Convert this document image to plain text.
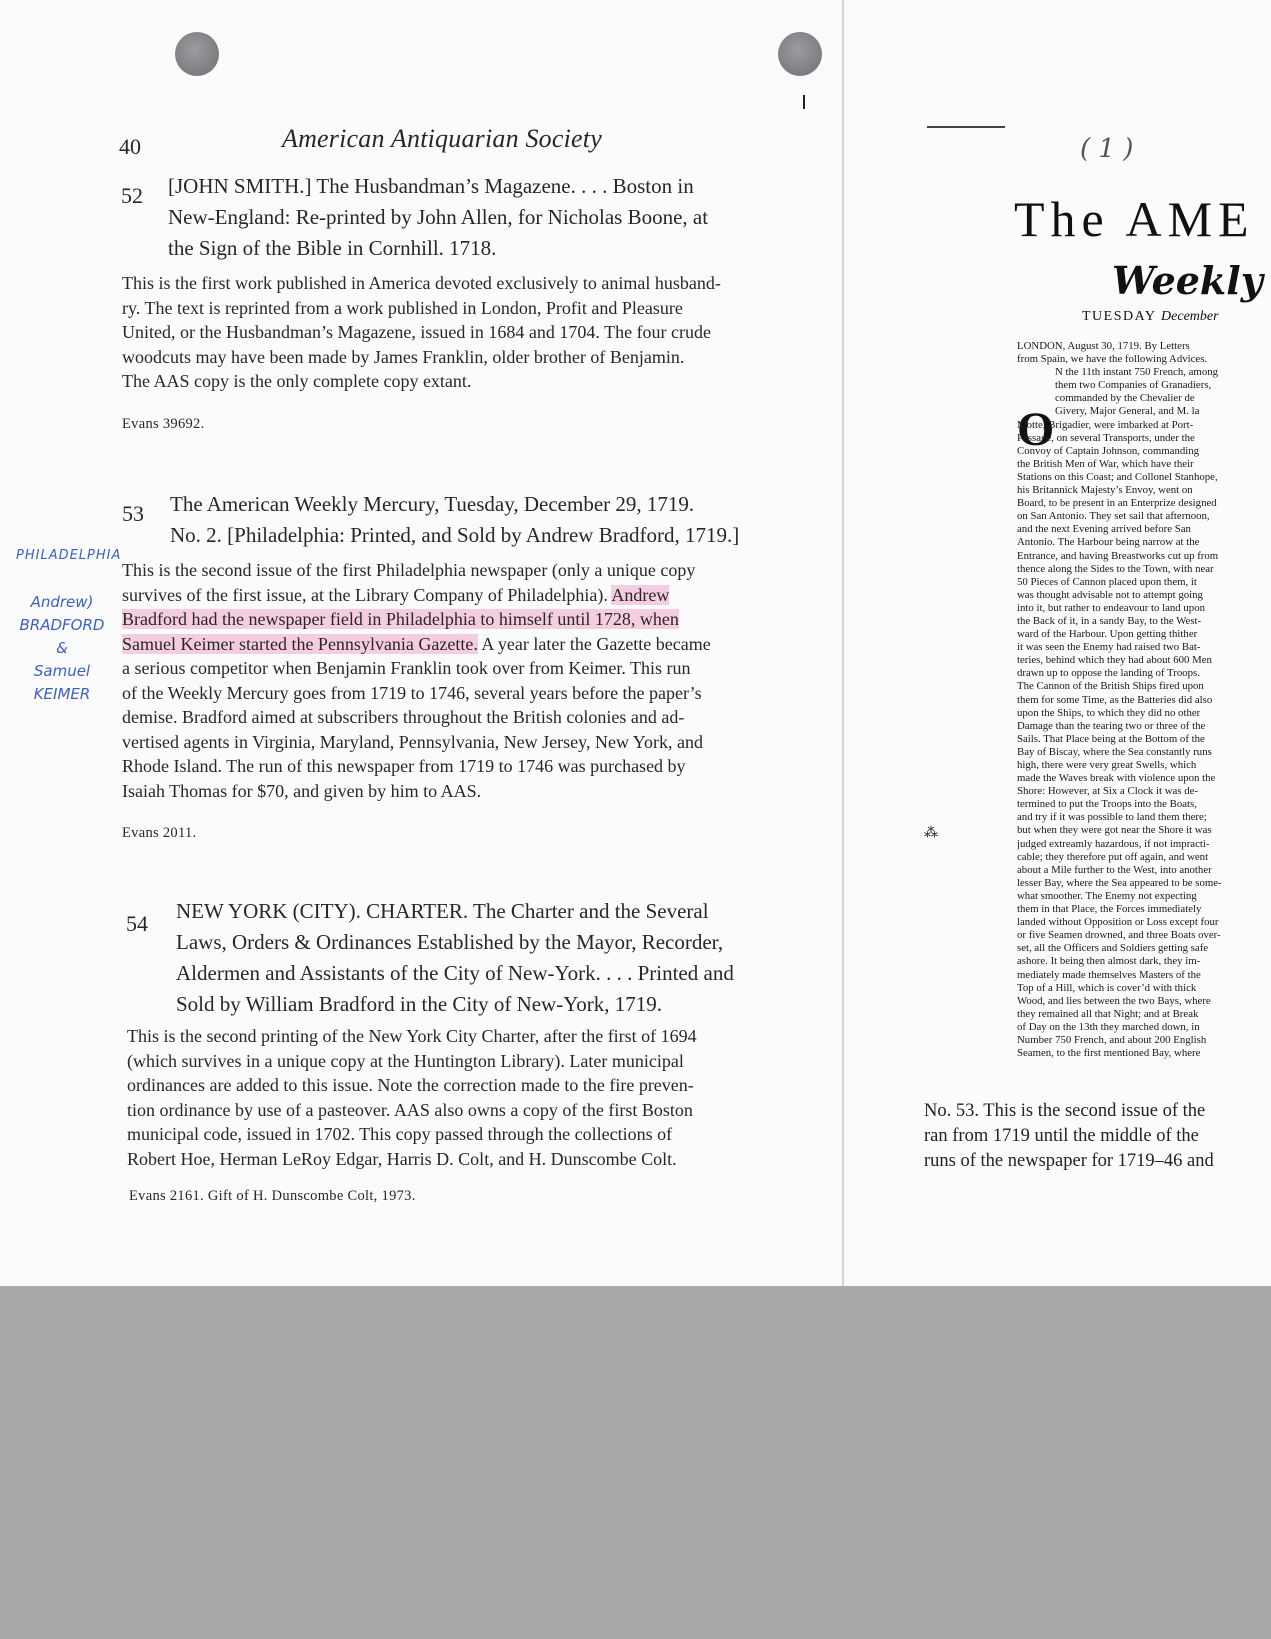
40	American Antiquarian Society
52 [JOHN SMITH.] The Husbandman’s Magazene. . . . Boston in
New-England: Re-printed by John Allen, for Nicholas Boone, at
the Sign of the Bible in Cornhill. 1718.
This is the first work published in America devoted exclusively to animal husband-
ry. The text is reprinted from a work published in London, Profit and Pleasure
United, or the Husbandman’s Magazene, issued in 1684 and 1704. The four crude
woodcuts may have been made by James Franklin, older brother of Benjamin.
The AAS copy is the only complete copy extant.
Evans 39692.
53 The American Weekly Mercury, Tuesday, December 29, 1719.
No. 2. [Philadelphia: Printed, and Sold by Andrew Bradford, 1719.]
This is the second issue of the first Philadelphia newspaper (only a unique copy
survives of the first issue, at the Library Company of Philadelphia). Andrew
Bradford had the newspaper field in Philadelphia to himself until 1728, when
Samuel Keimer started the Pennsylvania Gazette. A year later the Gazette became
a serious competitor when Benjamin Franklin took over from Keimer. This run
of the Weekly Mercury goes from 1719 to 1746, several years before the paper’s
demise. Bradford aimed at subscribers throughout the British colonies and ad-
vertised agents in Virginia, Maryland, Pennsylvania, New Jersey, New York, and
Rhode Island. The run of this newspaper from 1719 to 1746 was purchased by
Isaiah Thomas for $70, and given by him to AAS.
Evans 2011.
PHILADELPHIA
Andrew)
BRADFORD
&
Samuel
KEIMER
54 NEW YORK (CITY). CHARTER. The Charter and the Several
Laws, Orders & Ordinances Established by the Mayor, Recorder,
Aldermen and Assistants of the City of New-York. . . . Printed and
Sold by William Bradford in the City of New-York, 1719.
This is the second printing of the New York City Charter, after the first of 1694
(which survives in a unique copy at the Huntington Library). Later municipal
ordinances are added to this issue. Note the correction made to the fire preven-
tion ordinance by use of a pasteover. AAS also owns a copy of the first Boston
municipal code, issued in 1702. This copy passed through the collections of
Robert Hoe, Herman LeRoy Edgar, Harris D. Colt, and H. Dunscombe Colt.
Evans 2161. Gift of H. Dunscombe Colt, 1973.
( 1 )
The AME
Weekly
TUESDAY December
O
LONDON, August 30, 1719. By Letters
from Spain, we have the following Advices.
N the 11th instant 750 French, among
them two Companies of Granadiers,
commanded by the Chevalier de
Givery, Major General, and M. la
Motte, Brigadier, were imbarked at Port-
Passage, on several Transports, under the
Convoy of Captain Johnson, commanding
the British Men of War, which have their
Stations on this Coast; and Collonel Stanhope,
his Britannick Majesty’s Envoy, went on
Board, to be present in an Enterprize designed
on San Antonio. They set sail that afternoon,
and the next Evening arrived before San
Antonio. The Harbour being narrow at the
Entrance, and having Breastworks cut up from
thence along the Sides to the Town, with near
50 Pieces of Cannon placed upon them, it
was thought advisable not to attempt going
into it, but rather to endeavour to land upon
the Back of it, in a sandy Bay, to the West-
ward of the Harbour. Upon getting thither
it was seen the Enemy had raised two Bat-
teries, behind which they had about 600 Men
drawn up to oppose the landing of Troops.
The Cannon of the British Ships fired upon
them for some Time, as the Batteries did also
upon the Ships, to which they did no other
Damage than the tearing two or three of the
Sails. That Place being at the Bottom of the
Bay of Biscay, where the Sea constantly runs
high, there were very great Swells, which
made the Waves break with violence upon the
Shore: However, at Six a Clock it was de-
termined to put the Troops into the Boats,
and try if it was possible to land them there;
but when they were got near the Shore it was
judged extreamly hazardous, if not impracti-
cable; they therefore put off again, and went
about a Mile further to the West, into another
lesser Bay, where the Sea appeared to be some-
what smoother. The Enemy not expecting
them in that Place, the Forces immediately
landed without Opposition or Loss except four
or five Seamen drowned, and three Boats over-
set, all the Officers and Soldiers getting safe
ashore. It being then almost dark, they im-
mediately made themselves Masters of the
Top of a Hill, which is cover’d with thick
Wood, and lies between the two Bays, where
they remained all that Night; and at Break
of Day on the 13th they marched down, in
Number 750 French, and about 200 English
Seamen, to the first mentioned Bay, where
⁂
No. 53. This is the second issue of the
ran from 1719 until the middle of the
runs of the newspaper for 1719–46 and
